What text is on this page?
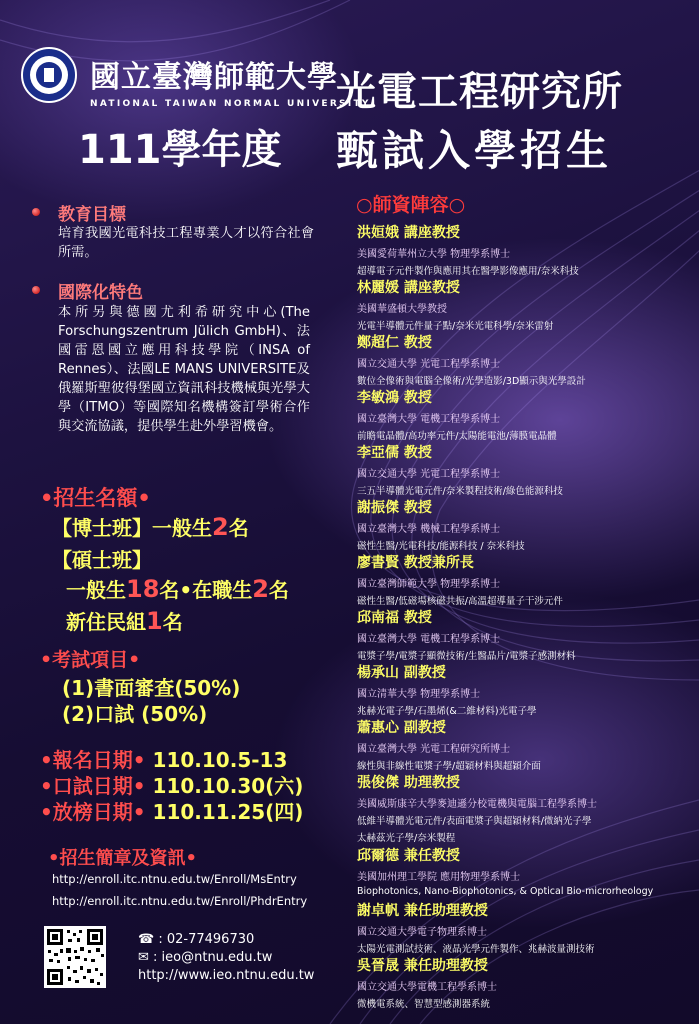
國立臺灣師範大學
NATIONAL TAIWAN NORMAL UNIVERSITY
光電工程研究所
111學年度 甄試入學招生
教育目標
培育我國光電科技工程專業人才以符合社會所需。
國際化特色
本所另與德國尤利希研究中心(The Forschungszentrum Jülich GmbH)、法國雷恩國立應用科技學院（INSA of Rennes）、法國LE MANS UNIVERSITE及俄羅斯聖彼得堡國立資訊科技機械與光學大學（ITMO）等國際知名機構簽訂學術合作與交流協議，提供學生赴外學習機會。
•招生名額•
【博士班】一般生2名
【碩士班】
一般生18名•在職生2名
新住民組1名
•考試項目•
(1)書面審查(50%)
(2)口試 (50%)
•報名日期• 110.10.5-13
•口試日期• 110.10.30(六)
•放榜日期• 110.11.25(四)
•招生簡章及資訊•
http://enroll.itc.ntnu.edu.tw/Enroll/MsEntry
http://enroll.itc.ntnu.edu.tw/Enroll/PhdrEntry
☎ : 02-77496730
✉ : ieo@ntnu.edu.tw
http://www.ieo.ntnu.edu.tw
○師資陣容○
洪姮娥 講座教授
美國愛荷華州立大學 物理學系博士
超導電子元件製作與應用其在醫學影像應用/奈米科技
林麗媛 講座教授
美國華盛頓大學教授
光電半導體元件量子點/奈米光電科學/奈米雷射
鄭超仁 教授
國立交通大學 光電工程學系博士
數位全像術與電腦全像術/光學造影/3D顯示與光學設計
李敏鴻 教授
國立臺灣大學 電機工程學系博士
前瞻電晶體/高功率元件/太陽能電池/薄膜電晶體
李亞儒 教授
國立交通大學 光電工程學系博士
三五半導體光電元件/奈米製程技術/綠色能源科技
謝振傑 教授
國立臺灣大學 機械工程學系博士
磁性生醫/光電科技/能源科技 / 奈米科技
廖書賢 教授兼所長
國立臺灣師範大學 物理學系博士
磁性生醫/低磁場核磁共振/高溫超導量子干涉元件
邱南福 教授
國立臺灣大學 電機工程學系博士
電漿子學/電漿子顯微技術/生醫晶片/電漿子感測材料
楊承山 副教授
國立清華大學 物理學系博士
兆赫光電子學/石墨烯(&二維材料)光電子學
蕭惠心 副教授
國立臺灣大學 光電工程研究所博士
線性與非線性電漿子學/超穎材料與超穎介面
張俊傑 助理教授
美國威斯康辛大學麥迪遜分校電機與電腦工程學系博士
低維半導體光電元件/表面電漿子與超穎材料/微納光子學
太赫茲光子學/奈米製程
邱爾德 兼任教授
美國加州理工學院 應用物理學系博士
Biophotonics, Nano-Biophotonics, & Optical Bio-microrheology
謝卓帆 兼任助理教授
國立交通大學電子物理系博士
太陽光電測試技術、液晶光學元件製作、兆赫波量測技術
吳晉晟 兼任助理教授
國立交通大學電機工程學系博士
微機電系統、智慧型感測器系統
